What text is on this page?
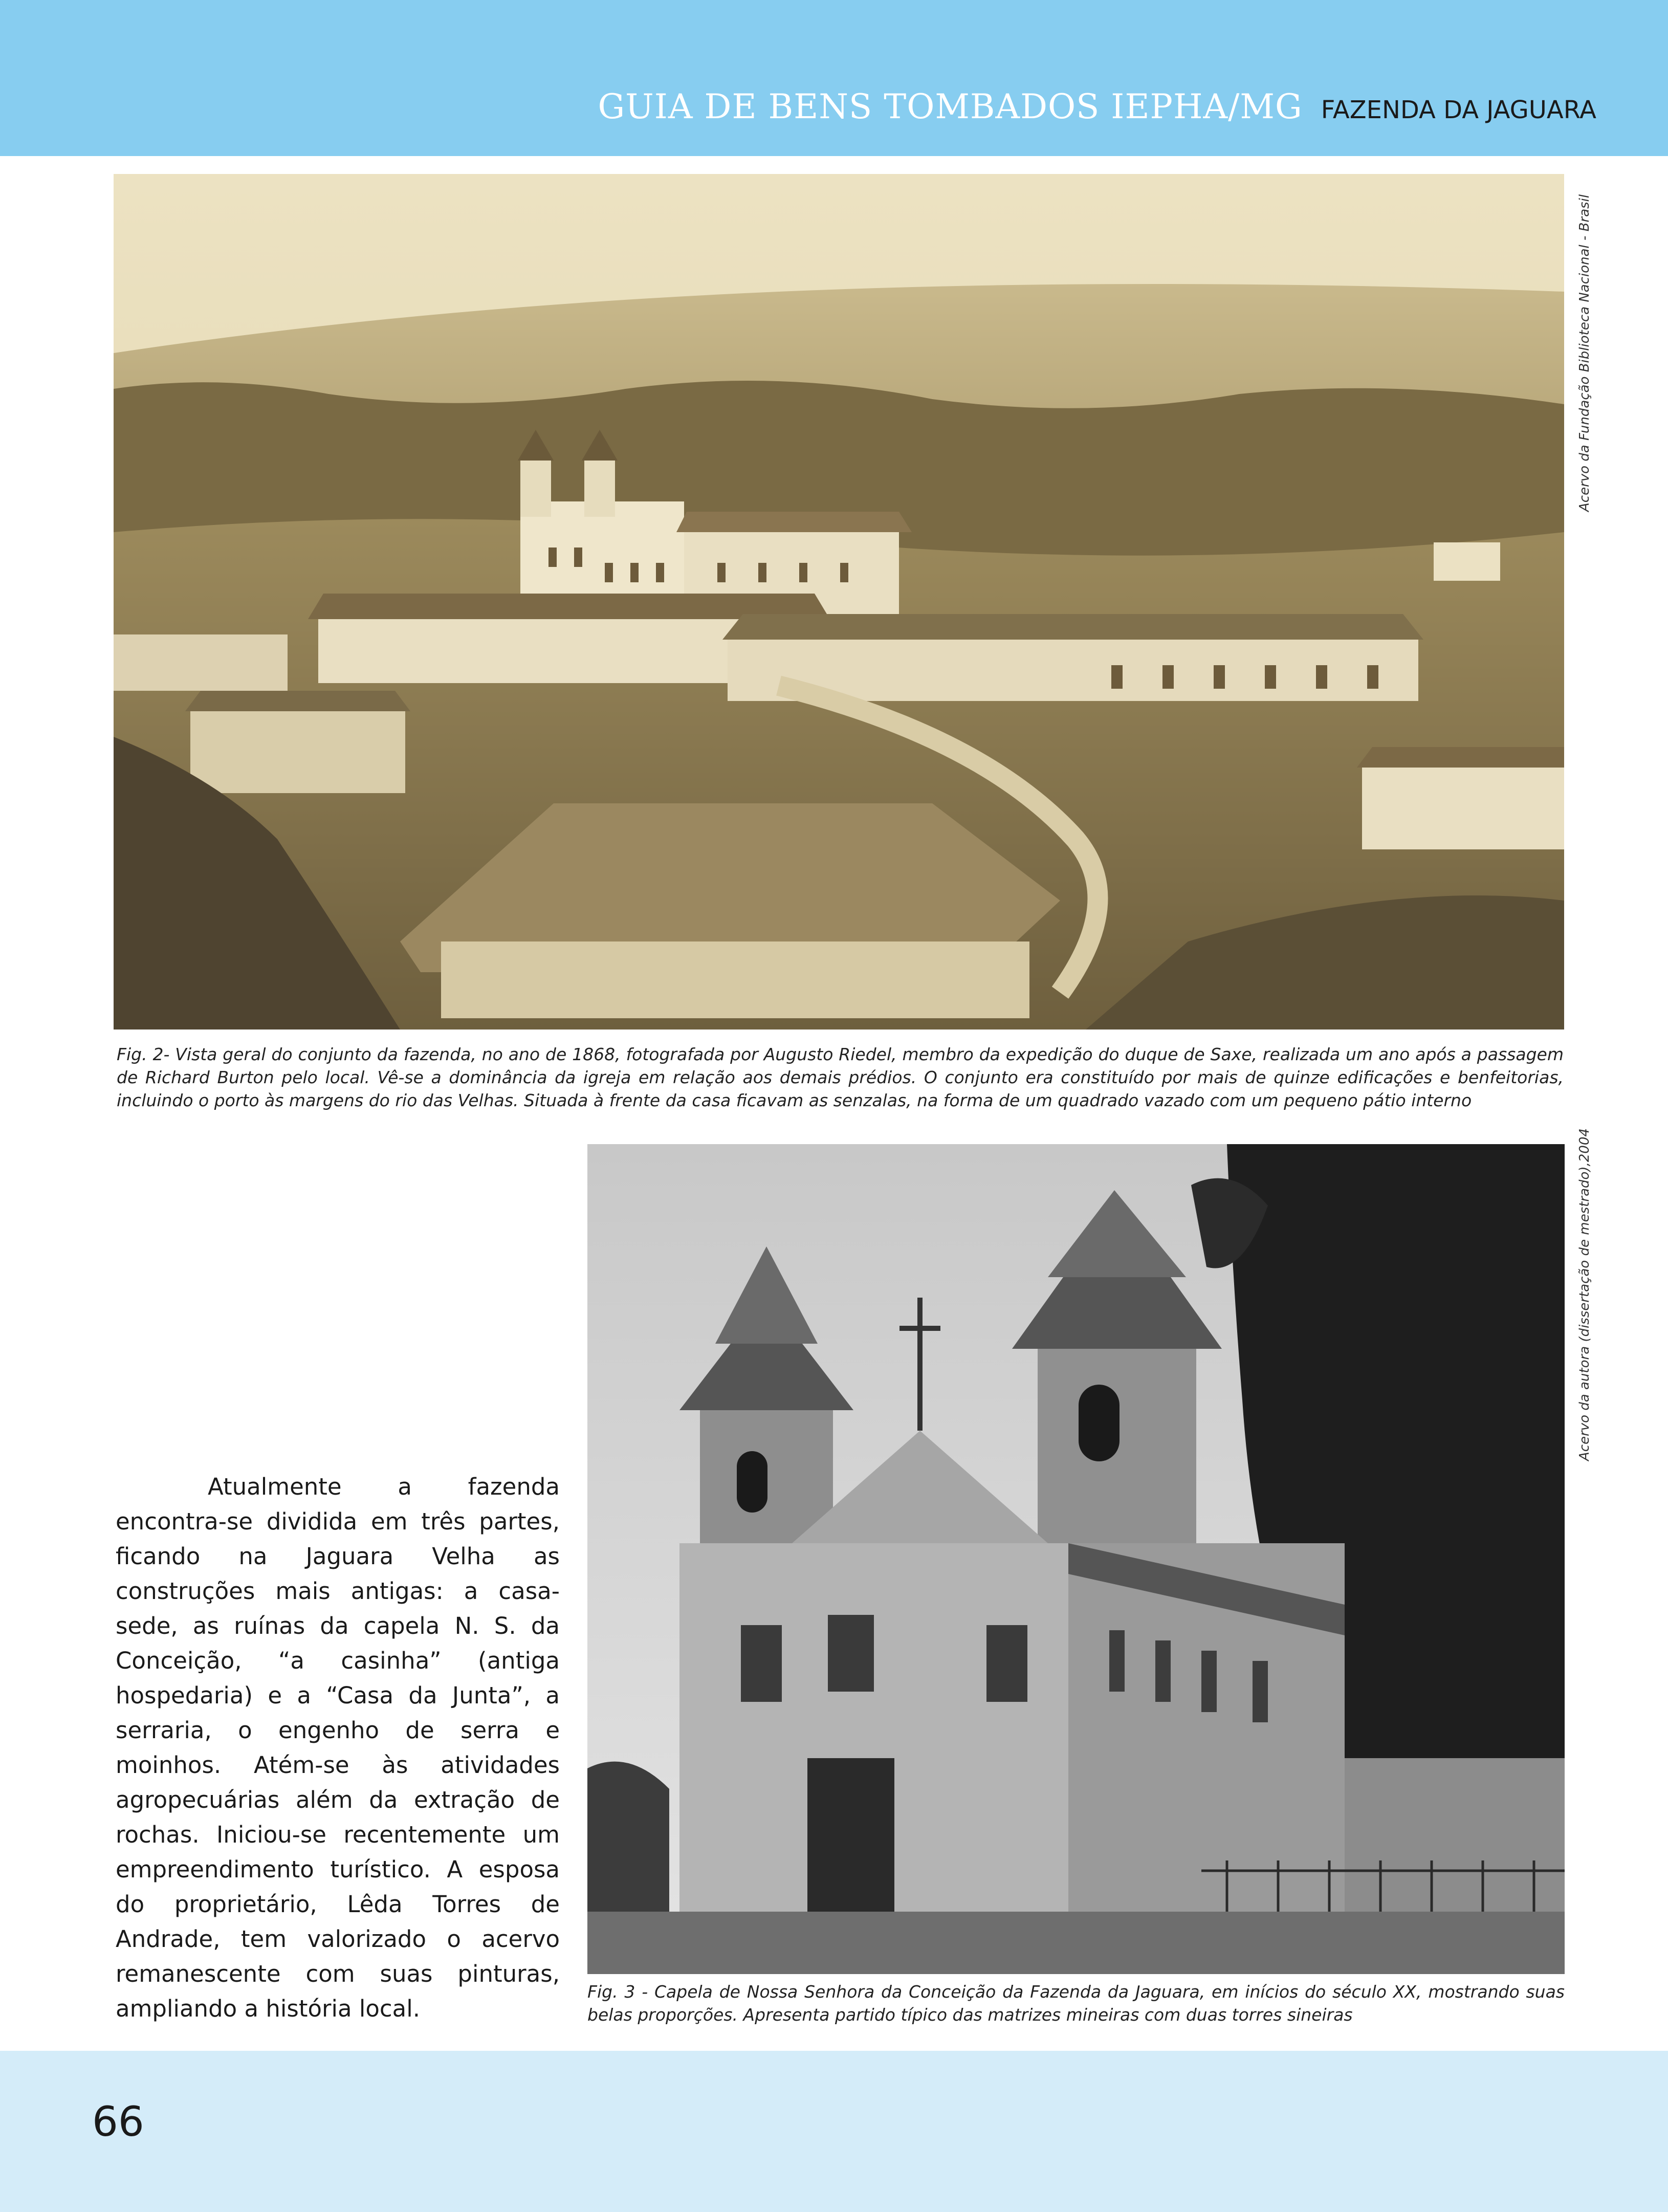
GUIA DE BENS TOMBADOS IEPHA/MG FAZENDA DA JAGUARA
Acervo da Fundação Biblioteca Nacional - Brasil
Fig. 2- Vista geral do conjunto da fazenda, no ano de 1868, fotografada por Augusto Riedel, membro da expedição do duque de Saxe, realizada um ano após a passagem de Richard Burton pelo local. Vê-se a dominância da igreja em relação aos demais prédios. O conjunto era constituído por mais de quinze edificações e benfeitorias, incluindo o porto às margens do rio das Velhas. Situada à frente da casa ficavam as senzalas, na forma de um quadrado vazado com um pequeno pátio interno
Acervo da autora (dissertação de mestrado),2004
Fig. 3 - Capela de Nossa Senhora da Conceição da Fazenda da Jaguara, em inícios do século XX, mostrando suas belas proporções. Apresenta partido típico das matrizes mineiras com duas torres sineiras
Atualmente a fazenda encontra-se dividida em três partes, ficando na Jaguara Velha as construções mais antigas: a casa-sede, as ruínas da capela N. S. da Conceição, “a casinha” (antiga hospedaria) e a “Casa da Junta”, a serraria, o engenho de serra e moinhos. Atém-se às atividades agropecuárias além da extração de rochas. Iniciou-se recentemente um empreendimento turístico. A esposa do proprietário, Lêda Torres de Andrade, tem valorizado o acervo remanescente com suas pinturas, ampliando a história local.
66
